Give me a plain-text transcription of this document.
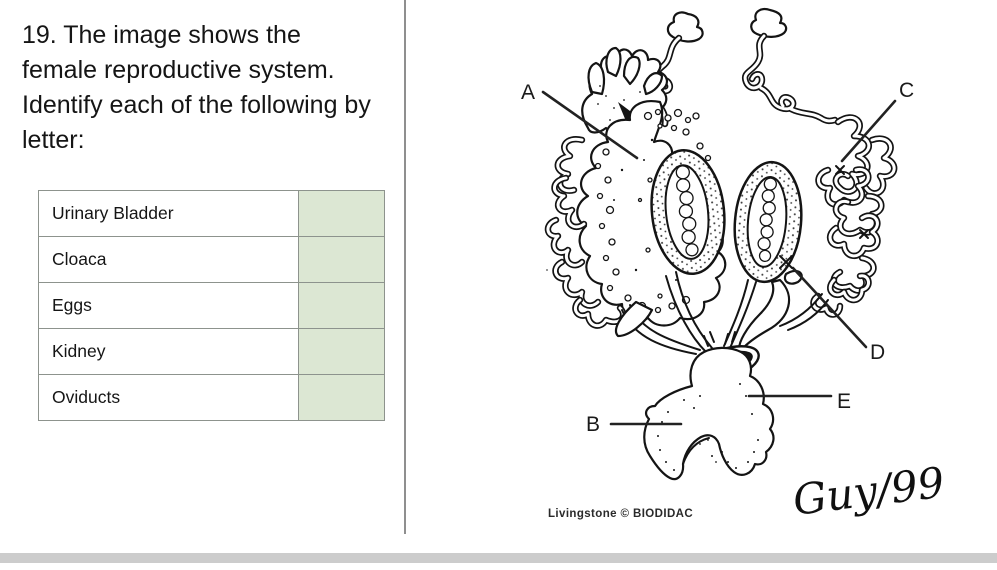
19. The image shows the female reproductive system. Identify each of the following by letter:
Urinary Bladder	
Cloaca	
Eggs	
Kidney	
Oviducts	
A
B
C
D
E
Livingstone © BIODIDAC Guy/99
